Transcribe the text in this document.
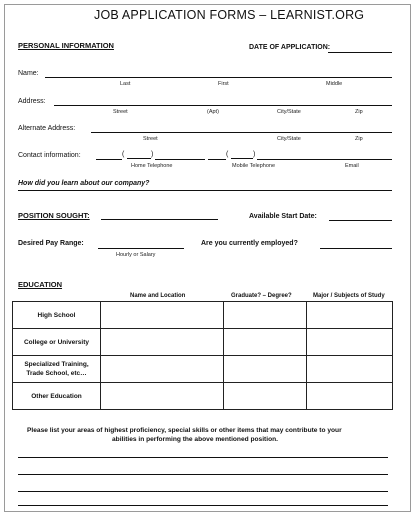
JOB APPLICATION FORMS – LEARNIST.ORG
PERSONAL INFORMATION	DATE OF APPLICATION:
Name:
Last	First	Middle
Address:
Street	(Apt)	City/State	Zip
Alternate Address:
Street	City/State	Zip
Contact information:	(	)	(	)
Home Telephone	Mobile Telephone	Email
How did you learn about our company?
POSITION SOUGHT:	Available Start Date:
Desired Pay Range:
Hourly or Salary
Are you currently employed?
EDUCATION
Name and Location	Graduate? – Degree?	Major / Subjects of Study
High School			
College or University			
Specialized Training, Trade School, etc…			
Other Education			
Please list your areas of highest proficiency, special skills or other items that may contribute to your
abilities in performing the above mentioned position.
